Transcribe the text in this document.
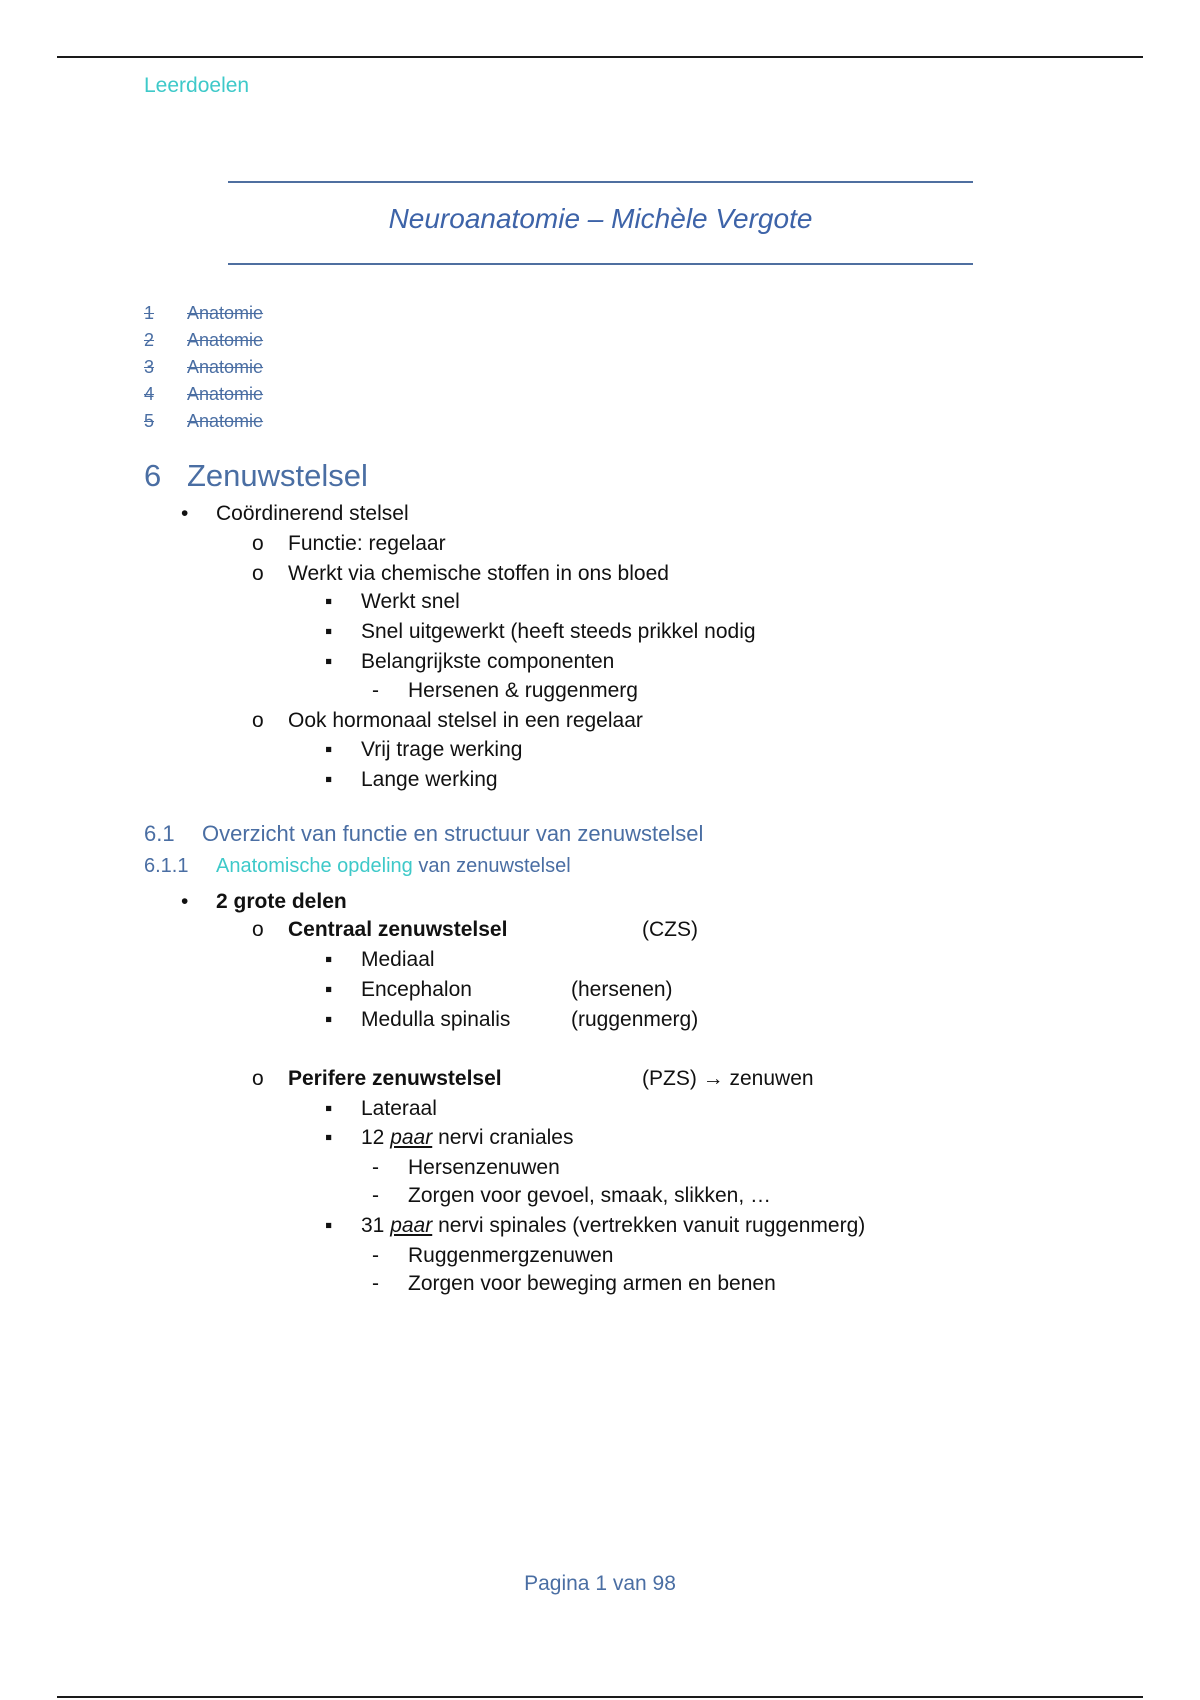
Leerdoelen
Neuroanatomie – Michèle Vergote
1 Anatomie
2 Anatomie
3 Anatomie
4 Anatomie
5 Anatomie
6 Zenuwstelsel
• Coördinerend stelsel
o Functie: regelaar
o Werkt via chemische stoffen in ons bloed
▪ Werkt snel
▪ Snel uitgewerkt (heeft steeds prikkel nodig
▪ Belangrijkste componenten
- Hersenen & ruggenmerg
o Ook hormonaal stelsel in een regelaar
▪ Vrij trage werking
▪ Lange werking
6.1 Overzicht van functie en structuur van zenuwstelsel
6.1.1 Anatomische opdeling van zenuwstelsel
• 2 grote delen
o Centraal zenuwstelsel	(CZS)
▪ Mediaal
▪ Encephalon	(hersenen)
▪ Medulla spinalis	(ruggenmerg)
o Perifere zenuwstelsel	(PZS) → zenuwen
▪ Lateraal
▪ 12 paar nervi craniales
- Hersenzenuwen
- Zorgen voor gevoel, smaak, slikken, …
▪ 31 paar nervi spinales (vertrekken vanuit ruggenmerg)
- Ruggenmergzenuwen
- Zorgen voor beweging armen en benen
Pagina 1 van 98
